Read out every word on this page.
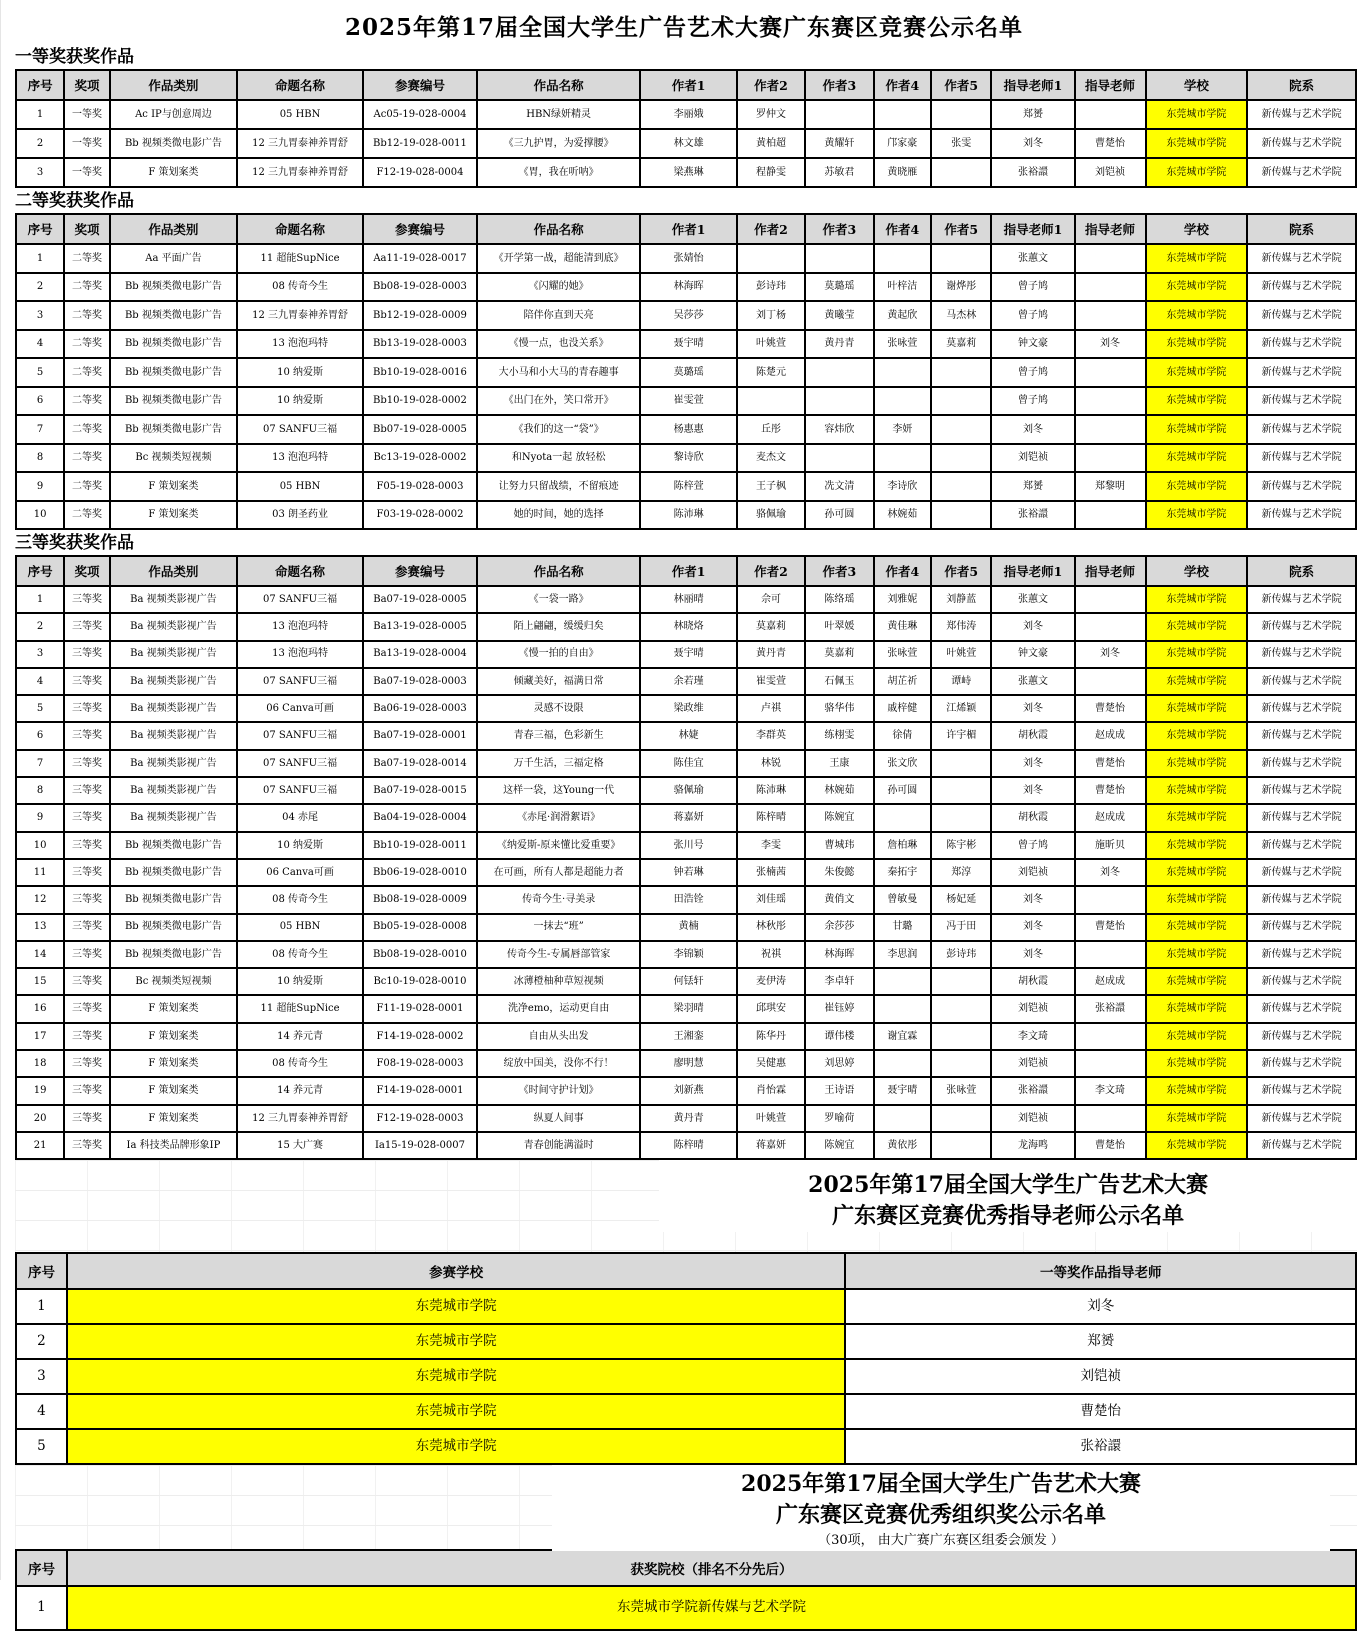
2025年第17届全国大学生广告艺术大赛广东赛区竞赛公示名单
一等奖获奖作品
序号	奖项	作品类别	命题名称	参赛编号	作品名称	作者1	作者2	作者3	作者4	作者5	指导老师1	指导老师	学校	院系
1	一等奖	Ac IP与创意周边	05 HBN	Ac05-19-028-0004	HBN绿妍精灵	李丽娥	罗仲文				郑赟		东莞城市学院	新传媒与艺术学院
2	一等奖	Bb 视频类微电影广告	12 三九胃泰神养胃舒	Bb12-19-028-0011	《三九护胃，为爱撑腰》	林文雄	黄柏超	黄耀轩	邝家豪	张雯	刘冬	曹楚怡	东莞城市学院	新传媒与艺术学院
3	一等奖	F 策划案类	12 三九胃泰神养胃舒	F12-19-028-0004	《胃，我在听呐》	梁燕琳	程静雯	苏敏君	黄晓雁		张裕譞	刘铠祯	东莞城市学院	新传媒与艺术学院
二等奖获奖作品
序号	奖项	作品类别	命题名称	参赛编号	作品名称	作者1	作者2	作者3	作者4	作者5	指导老师1	指导老师	学校	院系
1	二等奖	Aa 平面广告	11 超能SupNice	Aa11-19-028-0017	《开学第一战，超能清到底》	张婧怡					张蕙文		东莞城市学院	新传媒与艺术学院
2	二等奖	Bb 视频类微电影广告	08 传奇今生	Bb08-19-028-0003	《闪耀的她》	林海晖	彭诗玮	莫璐瑶	叶梓洁	谢烨彤	曾子鸠		东莞城市学院	新传媒与艺术学院
3	二等奖	Bb 视频类微电影广告	12 三九胃泰神养胃舒	Bb12-19-028-0009	陪伴你直到天亮	吴莎莎	刘丁杨	黄曦莹	黄起欣	马杰林	曾子鸠		东莞城市学院	新传媒与艺术学院
4	二等奖	Bb 视频类微电影广告	13 泡泡玛特	Bb13-19-028-0003	《慢一点，也没关系》	聂宇晴	叶姚萱	黄丹青	张咏萱	莫嘉莉	钟文豪	刘冬	东莞城市学院	新传媒与艺术学院
5	二等奖	Bb 视频类微电影广告	10 纳爱斯	Bb10-19-028-0016	大小马和小大马的青春趣事	莫璐瑶	陈楚元				曾子鸠		东莞城市学院	新传媒与艺术学院
6	二等奖	Bb 视频类微电影广告	10 纳爱斯	Bb10-19-028-0002	《出门在外，笑口常开》	崔雯萱					曾子鸠		东莞城市学院	新传媒与艺术学院
7	二等奖	Bb 视频类微电影广告	07 SANFU三福	Bb07-19-028-0005	《我们的这一“袋”》	杨惠惠	丘彤	容炜欣	李妍		刘冬		东莞城市学院	新传媒与艺术学院
8	二等奖	Bc 视频类短视频	13 泡泡玛特	Bc13-19-028-0002	和Nyota一起 放轻松	黎诗欣	麦杰文				刘铠祯		东莞城市学院	新传媒与艺术学院
9	二等奖	F 策划案类	05 HBN	F05-19-028-0003	让努力只留战绩，不留痕迹	陈梓萱	王子枫	冼文清	李诗欣		郑赟	郑黎明	东莞城市学院	新传媒与艺术学院
10	二等奖	F 策划案类	03 朗圣药业	F03-19-028-0002	她的时间，她的选择	陈沛琳	骆佩瑜	孙可圆	林婉茹		张裕譞		东莞城市学院	新传媒与艺术学院
三等奖获奖作品
序号	奖项	作品类别	命题名称	参赛编号	作品名称	作者1	作者2	作者3	作者4	作者5	指导老师1	指导老师	学校	院系
1	三等奖	Ba 视频类影视广告	07 SANFU三福	Ba07-19-028-0005	《一袋一路》	林丽晴	佘可	陈络瑶	刘雅妮	刘静蓝	张蕙文		东莞城市学院	新传媒与艺术学院
2	三等奖	Ba 视频类影视广告	13 泡泡玛特	Ba13-19-028-0005	陌上翩翩，缓缓归矣	林晓烙	莫嘉莉	叶翠媛	黄佳琳	郑伟涛	刘冬		东莞城市学院	新传媒与艺术学院
3	三等奖	Ba 视频类影视广告	13 泡泡玛特	Ba13-19-028-0004	《慢一拍的自由》	聂宇晴	黄丹青	莫嘉莉	张咏萱	叶姚萱	钟文豪	刘冬	东莞城市学院	新传媒与艺术学院
4	三等奖	Ba 视频类影视广告	07 SANFU三福	Ba07-19-028-0003	倾藏美好，福满日常	余若瑾	崔雯萱	石佩玉	胡芷祈	谭峙	张蕙文		东莞城市学院	新传媒与艺术学院
5	三等奖	Ba 视频类影视广告	06 Canva可画	Ba06-19-028-0003	灵感不设限	梁政维	卢祺	骆华伟	戚梓健	江烯颖	刘冬	曹楚怡	东莞城市学院	新传媒与艺术学院
6	三等奖	Ba 视频类影视广告	07 SANFU三福	Ba07-19-028-0001	青春三福，色彩新生	林婕	李群英	练栩雯	徐倩	许宇楣	胡秋霞	赵成成	东莞城市学院	新传媒与艺术学院
7	三等奖	Ba 视频类影视广告	07 SANFU三福	Ba07-19-028-0014	万千生活，三福定格	陈佳宜	林锐	王康	张文欣		刘冬	曹楚怡	东莞城市学院	新传媒与艺术学院
8	三等奖	Ba 视频类影视广告	07 SANFU三福	Ba07-19-028-0015	这样一袋，这Young一代	骆佩瑜	陈沛琳	林婉茹	孙可圆		刘冬	曹楚怡	东莞城市学院	新传媒与艺术学院
9	三等奖	Ba 视频类影视广告	04 赤尾	Ba04-19-028-0004	《赤尾·润滑絮语》	蒋嘉妍	陈梓晴	陈婉宜			胡秋霞	赵成成	东莞城市学院	新传媒与艺术学院
10	三等奖	Bb 视频类微电影广告	10 纳爱斯	Bb10-19-028-0011	《纳爱斯-原来懂比爱重要》	张川号	李雯	曹城玮	詹柏琳	陈宇彬	曾子鸠	施昕贝	东莞城市学院	新传媒与艺术学院
11	三等奖	Bb 视频类微电影广告	06 Canva可画	Bb06-19-028-0010	在可画，所有人都是超能力者	钟若琳	张楠茜	朱俊懿	秦拓宇	郑淳	刘铠祯	刘冬	东莞城市学院	新传媒与艺术学院
12	三等奖	Bb 视频类微电影广告	08 传奇今生	Bb08-19-028-0009	传奇今生·寻美录	田浩铨	刘佳瑶	黄俏文	曾敏曼	杨妃延	刘冬		东莞城市学院	新传媒与艺术学院
13	三等奖	Bb 视频类微电影广告	05 HBN	Bb05-19-028-0008	一抹去“班”	黄楠	林秋彤	余莎莎	甘璐	冯于田	刘冬	曹楚怡	东莞城市学院	新传媒与艺术学院
14	三等奖	Bb 视频类微电影广告	08 传奇今生	Bb08-19-028-0010	传奇今生-专属唇部管家	李锦颖	祝祺	林海晖	李思润	彭诗玮	刘冬		东莞城市学院	新传媒与艺术学院
15	三等奖	Bc 视频类短视频	10 纳爱斯	Bc10-19-028-0010	冰薄橙柚种草短视频	何铥轩	麦伊涛	李卓轩			胡秋霞	赵成成	东莞城市学院	新传媒与艺术学院
16	三等奖	F 策划案类	11 超能SupNice	F11-19-028-0001	洗净emo，运动更自由	梁羽晴	邱琪安	崔钰婷			刘铠祯	张裕譞	东莞城市学院	新传媒与艺术学院
17	三等奖	F 策划案类	14 养元青	F14-19-028-0002	自由从头出发	王湘銮	陈华丹	谭伟楼	谢宜霖		李文琦		东莞城市学院	新传媒与艺术学院
18	三等奖	F 策划案类	08 传奇今生	F08-19-028-0003	绽放中国美，没你不行！	廖明慧	吴健惠	刘思婷			刘铠祯		东莞城市学院	新传媒与艺术学院
19	三等奖	F 策划案类	14 养元青	F14-19-028-0001	《时间守护计划》	刘新燕	肖怡霖	王诗语	聂宇晴	张咏萱	张裕譞	李文琦	东莞城市学院	新传媒与艺术学院
20	三等奖	F 策划案类	12 三九胃泰神养胃舒	F12-19-028-0003	纵夏人间事	黄丹青	叶姚萱	罗喻荷			刘铠祯		东莞城市学院	新传媒与艺术学院
21	三等奖	Ia 科技类品牌形象IP	15 大广赛	Ia15-19-028-0007	青春创能满溢时	陈梓晴	蒋嘉妍	陈婉宜	黄依彤		龙海鸣	曹楚怡	东莞城市学院	新传媒与艺术学院
2025年第17届全国大学生广告艺术大赛
广东赛区竞赛优秀指导老师公示名单
序号	参赛学校	一等奖作品指导老师
1	东莞城市学院	刘冬
2	东莞城市学院	郑赟
3	东莞城市学院	刘铠祯
4	东莞城市学院	曹楚怡
5	东莞城市学院	张裕譞
2025年第17届全国大学生广告艺术大赛
广东赛区竞赛优秀组织奖公示名单
（30项， 由大广赛广东赛区组委会颁发 ）
序号	获奖院校（排名不分先后）
1	东莞城市学院新传媒与艺术学院
